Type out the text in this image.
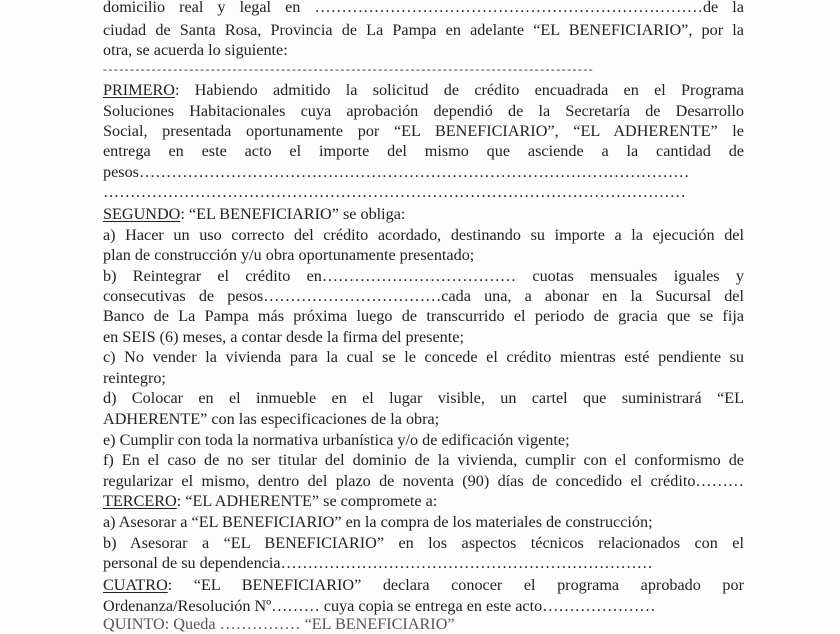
domicilio real y legal en ………………………………………………………………de la
ciudad de Santa Rosa, Provincia de La Pampa en adelante “EL BENEFICIARIO”, por la
otra, se acuerda lo siguiente:
-------------------------------------------------------------------------------------------
PRIMERO: Habiendo admitido la solicitud de crédito encuadrada en el Programa
Soluciones Habitacionales cuya aprobación dependió de la Secretaría de Desarrollo
Social, presentada oportunamente por “EL BENEFICIARIO”, “EL ADHERENTE” le
entrega en este acto el importe del mismo que asciende a la cantidad de
pesos…………………………………………………………………………………………
………………………………………………………………………………………………
SEGUNDO: “EL BENEFICIARIO” se obliga:
a) Hacer un uso correcto del crédito acordado, destinando su importe a la ejecución del
plan de construcción y/u obra oportunamente presentado;
b) Reintegrar el crédito en……………………………… cuotas mensuales iguales y
consecutivas de pesos……………………………cada una, a abonar en la Sucursal del
Banco de La Pampa más próxima luego de transcurrido el periodo de gracia que se fija
en SEIS (6) meses, a contar desde la firma del presente;
c) No vender la vivienda para la cual se le concede el crédito mientras esté pendiente su
reintegro;
d) Colocar en el inmueble en el lugar visible, un cartel que suministrará “EL
ADHERENTE” con las especificaciones de la obra;
e) Cumplir con toda la normativa urbanística y/o de edificación vigente;
f) En el caso de no ser titular del dominio de la vivienda, cumplir con el conformismo de
regularizar el mismo, dentro del plazo de noventa (90) días de concedido el crédito………
TERCERO: “EL ADHERENTE” se compromete a:
a) Asesorar a “EL BENEFICIARIO” en la compra de los materiales de construcción;
b) Asesorar a “EL BENEFICIARIO” en los aspectos técnicos relacionados con el
personal de su dependencia……………………………………………………………
CUATRO: “EL BENEFICIARIO” declara conocer el programa aprobado por
Ordenanza/Resolución Nº……… cuya copia se entrega en este acto…………………
QUINTO: Queda …………… “EL BENEFICIARIO”
